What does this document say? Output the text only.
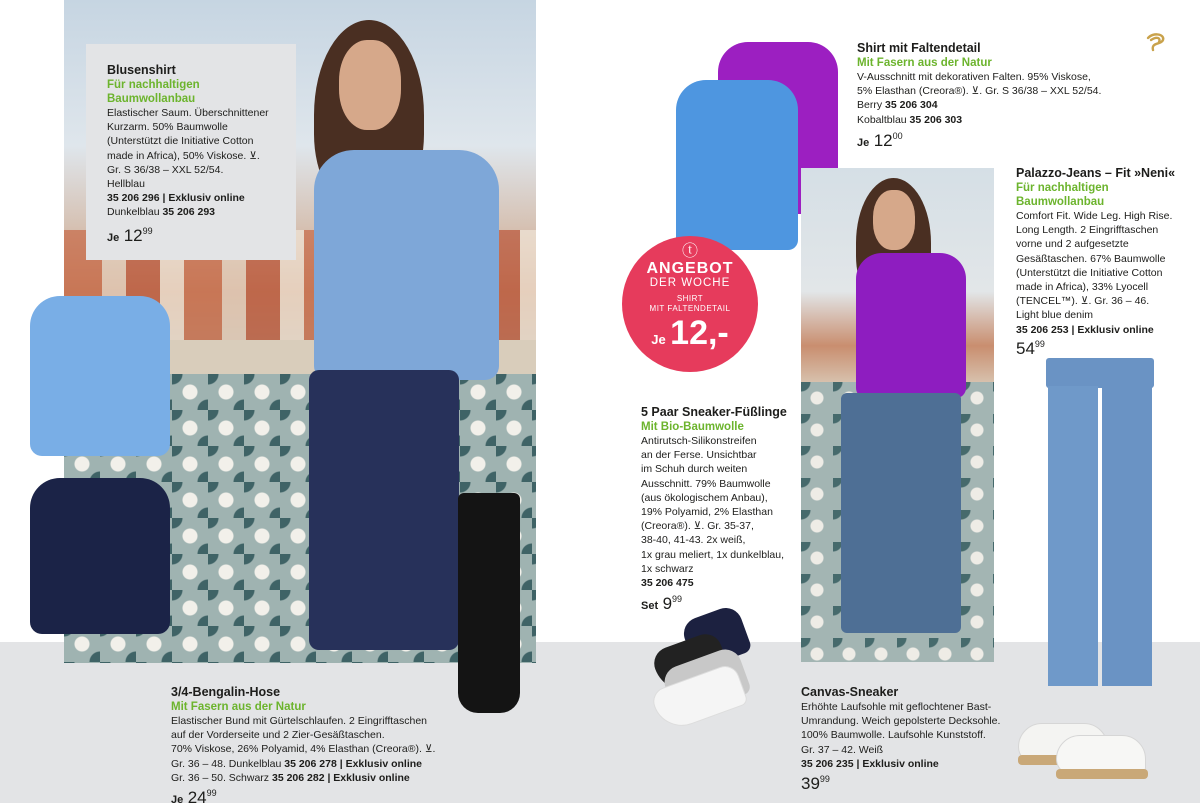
Blusenshirt
Für nachhaltigen
Baumwollanbau
Elastischer Saum. Überschnittener
Kurzarm. 50% Baumwolle
(Unterstützt die Initiative Cotton
made in Africa), 50% Viskose. ⊻.
Gr. S 36/38 – XXL 52/54.
Hellblau
35 206 296 | Exklusiv online
Dunkelblau 35 206 293
Je $12^{99}$
3/4-Bengalin-Hose
Mit Fasern aus der Natur
Elastischer Bund mit Gürtelschlaufen. 2 Eingrifftaschen
auf der Vorderseite und 2 Zier-Gesäßtaschen.
70% Viskose, 26% Polyamid, 4% Elasthan (Creora®). ⊻.
Gr. 36 – 48. Dunkelblau 35 206 278 | Exklusiv online
Gr. 36 – 50. Schwarz 35 206 282 | Exklusiv online
Je $24^{99}$
Shirt mit Faltendetail
Mit Fasern aus der Natur
V-Ausschnitt mit dekorativen Falten. 95% Viskose,
5% Elasthan (Creora®). ⊻. Gr. S 36/38 – XXL 52/54.
Berry 35 206 304
Kobaltblau 35 206 303
Je $12^{00}$
ⓣ
ANGEBOT
DER WOCHE
SHIRT
MIT FALTENDETAIL
Je 12,-
5 Paar Sneaker-Füßlinge
Mit Bio-Baumwolle
Antirutsch-Silikonstreifen
an der Ferse. Unsichtbar
im Schuh durch weiten
Ausschnitt. 79% Baumwolle
(aus ökologischem Anbau),
19% Polyamid, 2% Elasthan
(Creora®). ⊻. Gr. 35-37,
38-40, 41-43. 2x weiß,
1x grau meliert, 1x dunkelblau,
1x schwarz
35 206 475
Set $9^{99}$
Palazzo-Jeans – Fit »Neni«
Für nachhaltigen
Baumwollanbau
Comfort Fit. Wide Leg. High Rise.
Long Length. 2 Eingrifftaschen
vorne und 2 aufgesetzte
Gesäßtaschen. 67% Baumwolle
(Unterstützt die Initiative Cotton
made in Africa), 33% Lyocell
(TENCEL™). ⊻. Gr. 36 – 46.
Light blue denim
35 206 253 | Exklusiv online
$54^{99}$
Canvas-Sneaker
Erhöhte Laufsohle mit geflochtener Bast-
Umrandung. Weich gepolsterte Decksohle.
100% Baumwolle. Laufsohle Kunststoff.
Gr. 37 – 42. Weiß
35 206 235 | Exklusiv online
$39^{99}$
